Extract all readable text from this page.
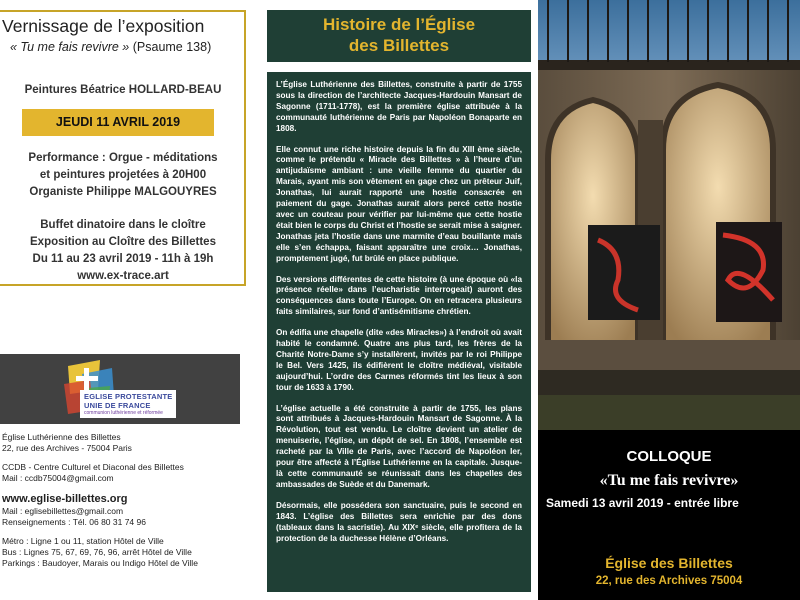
Vernissage de l’exposition
« Tu me fais revivre » (Psaume 138)
Peintures Béatrice HOLLARD-BEAU
JEUDI 11 AVRIL 2019
Performance : Orgue - méditations
et peintures projetées à 20H00
Organiste Philippe MALGOUYRES
Buffet dinatoire dans le cloître
Exposition au Cloître des Billettes
Du 11 au 23 avril 2019 - 11h à 19h
www.ex-trace.art
EGLISE PROTESTANTE
UNIE DE FRANCE
communion luthérienne et réformée
Église Luthérienne des Billettes
22, rue des Archives - 75004 Paris
CCDB - Centre Culturel et Diaconal des Billettes
Mail : ccdb75004@gmail.com
www.eglise-billettes.org
Mail : eglisebillettes@gmail.com
Renseignements : Tél. 06 80 31 74 96
Métro : Ligne 1 ou 11, station Hôtel de Ville
Bus : Lignes 75, 67, 69, 76, 96, arrêt Hôtel de Ville
Parkings : Baudoyer, Marais ou Indigo Hôtel de Ville
Histoire de l’Église
des Billettes

L’Église Luthérienne des Billettes, construite à partir de 1755 sous la direction de l’architecte Jacques-Hardouin Mansart de Sagonne (1711-1778), est la première église attribuée à la communauté luthérienne de Paris par Napoléon Bonaparte en 1808.

Elle connut une riche histoire depuis la fin du XIII ème siècle, comme le prétendu « Miracle des Billettes » à l’heure d’un antijudaïsme ambiant : une vieille femme du quartier du Marais, ayant mis son vêtement en gage chez un prêteur Juif, Jonathas, lui aurait rapporté une hostie consacrée en paiement du gage. Jonathas aurait alors percé cette hostie avec un couteau pour vérifier par lui-même que cette hostie était bien le corps du Christ et l’hostie se serait mise à saigner. Jonathas jeta l’hostie dans une marmite d’eau bouillante mais elle s’en échappa, faisant apparaître une croix… Jonathas, promptement jugé, fut brûlé en place publique.

Des versions différentes de cette histoire (à une époque où «la présence réelle» dans l’eucharistie interrogeait) auront des conséquences dans toute l’Europe. On en retracera plusieurs faits similaires, sur fond d’antisémitisme chrétien.

On édifia une chapelle (dite «des Miracles») à l’endroit où avait habité le condamné. Quatre ans plus tard, les frères de la Charité Notre-Dame s’y installèrent, invités par le roi Philippe le Bel. Vers 1425, ils édifièrent le cloître médiéval, visitable aujourd’hui. L’ordre des Carmes réformés tint les lieux à son tour de 1633 à 1790.

L’église actuelle a été construite à partir de 1755, les plans sont attribués à Jacques-Hardouin Mansart de Sagonne. À la Révolution, tout est vendu. Le cloître devient un atelier de menuiserie, l’église, un dépôt de sel. En 1808, l’ensemble est racheté par la Ville de Paris, avec l’accord de Napoléon Ier, pour être affecté à l’Église Luthérienne en la capitale. Jusque-là cette communauté se réunissait dans les chapelles des ambassades de Suède et du Danemark.

Désormais, elle possédera son sanctuaire, puis le second en 1843. L’église des Billettes sera enrichie par des dons (tableaux dans la sacristie). Au XIXᵉ siècle, elle profitera de la protection de la duchesse Hélène d’Orléans.

COLLOQUE
«Tu me fais revivre»
Samedi 13 avril 2019 - entrée libre
Église des Billettes
22, rue des Archives 75004
